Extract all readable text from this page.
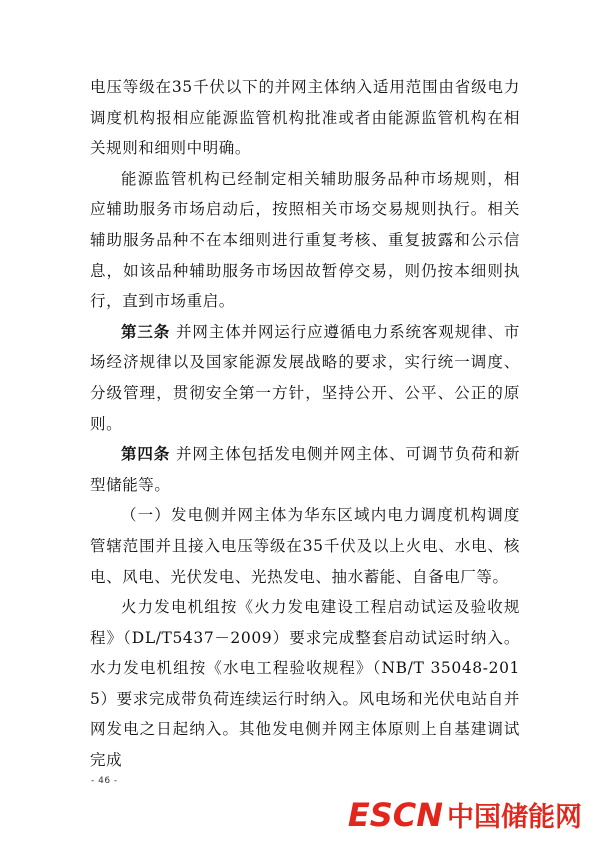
电压等级在35千伏以下的并网主体纳入适用范围由省级电力调度机构报相应能源监管机构批准或者由能源监管机构在相关规则和细则中明确。

能源监管机构已经制定相关辅助服务品种市场规则，相应辅助服务市场启动后，按照相关市场交易规则执行。相关辅助服务品种不在本细则进行重复考核、重复披露和公示信息，如该品种辅助服务市场因故暂停交易，则仍按本细则执行，直到市场重启。

第三条 并网主体并网运行应遵循电力系统客观规律、市场经济规律以及国家能源发展战略的要求，实行统一调度、分级管理，贯彻安全第一方针，坚持公开、公平、公正的原则。

第四条 并网主体包括发电侧并网主体、可调节负荷和新型储能等。

（一）发电侧并网主体为华东区域内电力调度机构调度管辖范围并且接入电压等级在35千伏及以上火电、水电、核电、风电、光伏发电、光热发电、抽水蓄能、自备电厂等。

火力发电机组按《火力发电建设工程启动试运及验收规程》（DL/T5437－2009）要求完成整套启动试运时纳入。水力发电机组按《水电工程验收规程》（NB/T 35048-2015）要求完成带负荷连续运行时纳入。风电场和光伏电站自并网发电之日起纳入。其他发电侧并网主体原则上自基建调试完成

- 46 -
ESCN 中国储能网
